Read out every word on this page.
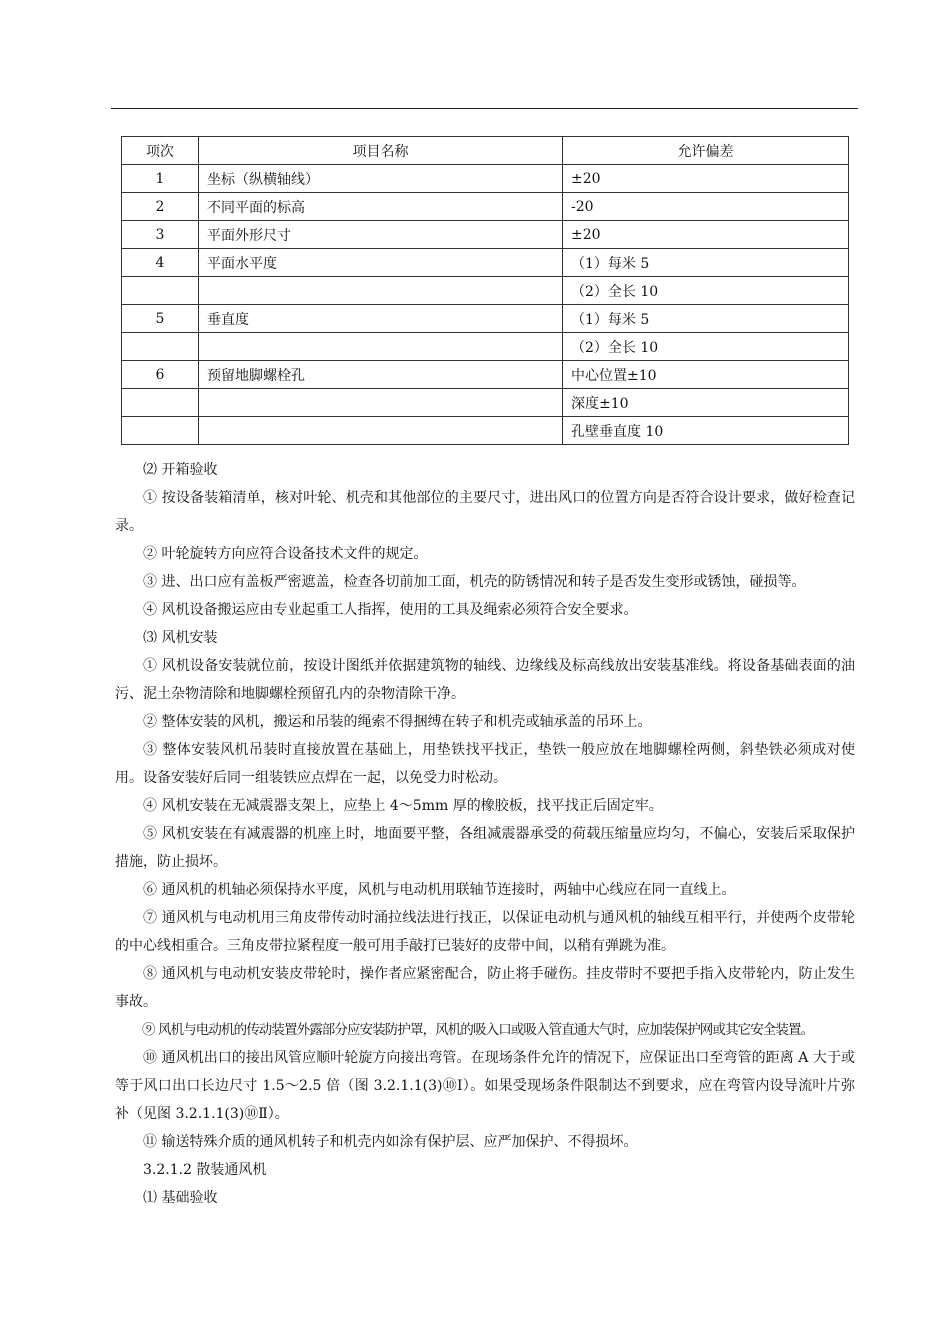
项次	项目名称	允许偏差
1	坐标（纵横轴线）	±20
2	不同平面的标高	-20
3	平面外形尺寸	±20
4	平面水平度	（1）每米 5
		（2）全长 10
5	垂直度	（1）每米 5
		（2）全长 10
6	预留地脚螺栓孔	中心位置±10
		深度±10
		孔壁垂直度 10

⑵ 开箱验收

① 按设备装箱清单，核对叶轮、机壳和其他部位的主要尺寸，进出风口的位置方向是否符合设计要求，做好检查记录。

② 叶轮旋转方向应符合设备技术文件的规定。

③ 进、出口应有盖板严密遮盖，检查各切前加工面，机壳的防锈情况和转子是否发生变形或锈蚀，碰损等。

④ 风机设备搬运应由专业起重工人指挥，使用的工具及绳索必须符合安全要求。

⑶ 风机安装

① 风机设备安装就位前，按设计图纸并依据建筑物的轴线、边缘线及标高线放出安装基准线。将设备基础表面的油污、泥土杂物清除和地脚螺栓预留孔内的杂物清除干净。

② 整体安装的风机，搬运和吊装的绳索不得捆缚在转子和机壳或轴承盖的吊环上。

③ 整体安装风机吊装时直接放置在基础上，用垫铁找平找正，垫铁一般应放在地脚螺栓两侧，斜垫铁必须成对使用。设备安装好后同一组装铁应点焊在一起，以免受力时松动。

④ 风机安装在无减震器支架上，应垫上 4～5mm 厚的橡胶板，找平找正后固定牢。

⑤ 风机安装在有减震器的机座上时，地面要平整，各组减震器承受的荷载压缩量应均匀，不偏心，安装后采取保护措施，防止损坏。

⑥ 通风机的机轴必须保持水平度，风机与电动机用联轴节连接时，两轴中心线应在同一直线上。

⑦ 通风机与电动机用三角皮带传动时涌拉线法进行找正，以保证电动机与通风机的轴线互相平行，并使两个皮带轮的中心线相重合。三角皮带拉紧程度一般可用手敲打已装好的皮带中间，以稍有弹跳为准。

⑧ 通风机与电动机安装皮带轮时，操作者应紧密配合，防止将手碰伤。挂皮带时不要把手指入皮带轮内，防止发生事故。

⑨ 风机与电动机的传动装置外露部分应安装防护罩，风机的吸入口或吸入管直通大气时，应加装保护网或其它安全装置。

⑩ 通风机出口的接出风管应顺叶轮旋方向接出弯管。在现场条件允许的情况下，应保证出口至弯管的距离 A 大于或等于风口出口长边尺寸 1.5～2.5 倍（图 3.2.1.1(3)⑩Ⅰ）。如果受现场条件限制达不到要求，应在弯管内设导流叶片弥补（见图 3.2.1.1(3)⑩Ⅱ）。

⑪ 输送特殊介质的通风机转子和机壳内如涂有保护层、应严加保护、不得损坏。

3.2.1.2 散装通风机

⑴ 基础验收
